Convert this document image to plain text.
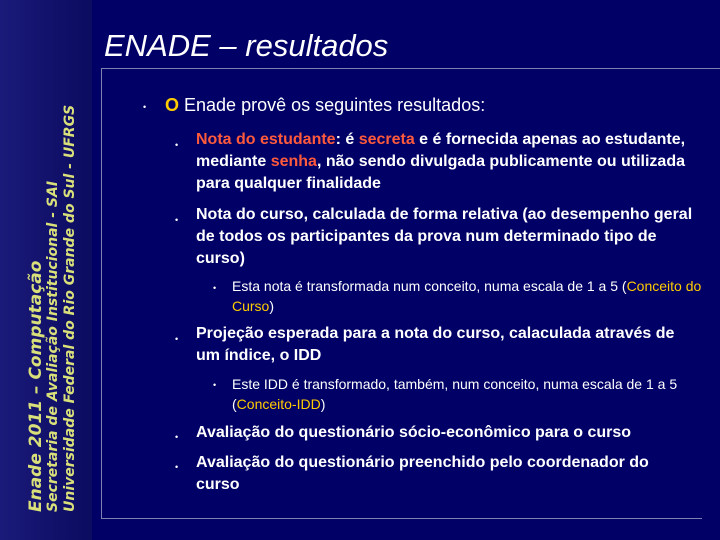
Enade 2011 – Computação Secretaria de Avaliação Institucional - SAI Universidade Federal do Rio Grande do Sul - UFRGS
ENADE – resultados
• O Enade provê os seguintes resultados:
• Nota do estudante: é secreta e é fornecida apenas ao estudante, mediante senha, não sendo divulgada publicamente ou utilizada para qualquer finalidade
• Nota do curso, calculada de forma relativa (ao desempenho geral de todos os participantes da prova num determinado tipo de curso)
• Esta nota é transformada num conceito, numa escala de 1 a 5 (Conceito do Curso)
• Projeção esperada para a nota do curso, calaculada através de um índice, o IDD
• Este IDD é transformado, também, num conceito, numa escala de 1 a 5 (Conceito-IDD)
• Avaliação do questionário sócio-econômico para o curso
• Avaliação do questionário preenchido pelo coordenador do curso
